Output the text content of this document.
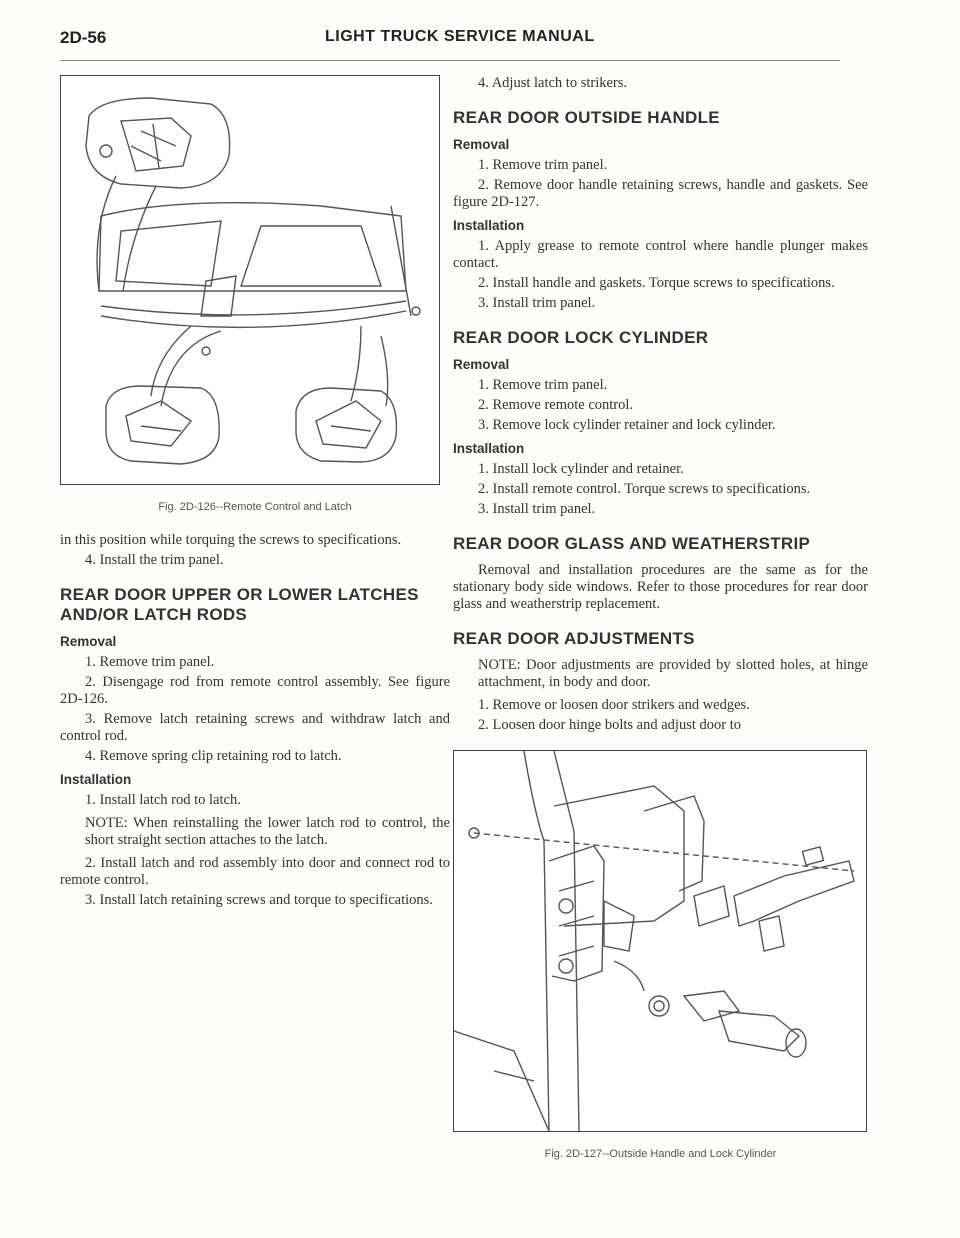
2D-56	LIGHT TRUCK SERVICE MANUAL
Fig. 2D-126--Remote Control and Latch

in this position while torquing the screws to specifications.

4. Install the trim panel.

REAR DOOR UPPER OR LOWER LATCHES AND/OR LATCH RODS
Removal

1. Remove trim panel.

2. Disengage rod from remote control assembly. See figure 2D-126.

3. Remove latch retaining screws and withdraw latch and control rod.

4. Remove spring clip retaining rod to latch.

Installation

1. Install latch rod to latch.

NOTE: When reinstalling the lower latch rod to control, the short straight section attaches to the latch.

2. Install latch and rod assembly into door and connect rod to remote control.

3. Install latch retaining screws and torque to specifications.

4. Adjust latch to strikers.

REAR DOOR OUTSIDE HANDLE
Removal

1. Remove trim panel.

2. Remove door handle retaining screws, handle and gaskets. See figure 2D-127.

Installation

1. Apply grease to remote control where handle plunger makes contact.

2. Install handle and gaskets. Torque screws to specifications.

3. Install trim panel.

REAR DOOR LOCK CYLINDER
Removal

1. Remove trim panel.

2. Remove remote control.

3. Remove lock cylinder retainer and lock cylinder.

Installation

1. Install lock cylinder and retainer.

2. Install remote control. Torque screws to specifications.

3. Install trim panel.

REAR DOOR GLASS AND WEATHERSTRIP

Removal and installation procedures are the same as for the stationary body side windows. Refer to those procedures for rear door glass and weatherstrip replacement.

REAR DOOR ADJUSTMENTS

NOTE: Door adjustments are provided by slotted holes, at hinge attachment, in body and door.

1. Remove or loosen door strikers and wedges.

2. Loosen door hinge bolts and adjust door to

Fig. 2D-127--Outside Handle and Lock Cylinder
